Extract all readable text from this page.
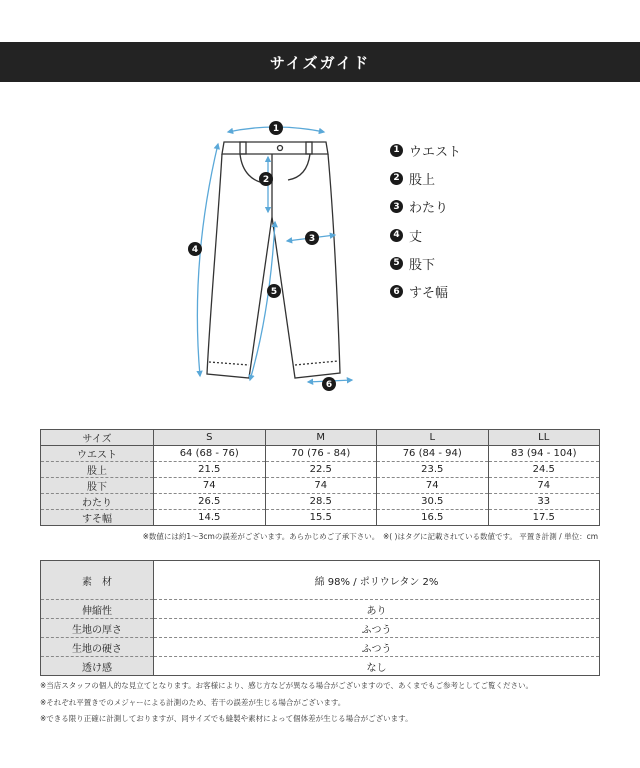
サイズガイド
1
2
3
4
5
6
1 ウエスト
2 股上
3 わたり
4 丈
5 股下
6 すそ幅
サイズ	S	M	L	LL
ウエスト	64 (68 - 76)	70 (76 - 84)	76 (84 - 94)	83 (94 - 104)
股上	21.5	22.5	23.5	24.5
股下	74	74	74	74
わたり	26.5	28.5	30.5	33
すそ幅	14.5	15.5	16.5	17.5
※数値には約1～3cmの誤差がございます。あらかじめご了承下さい。　※( )はタグに記載されている数値です。 平置き計測 / 単位：cm
素　材	綿 98% / ポリウレタン 2%
伸縮性	あり
生地の厚さ	ふつう
生地の硬さ	ふつう
透け感	なし
※当店スタッフの個人的な見立てとなります。お客様により、感じ方などが異なる場合がございますので、あくまでもご参考としてご覧ください。
※それぞれ平置きでのメジャーによる計測のため、若干の誤差が生じる場合がございます。
※できる限り正確に計測しておりますが、同サイズでも縫製や素材によって個体差が生じる場合がございます。
